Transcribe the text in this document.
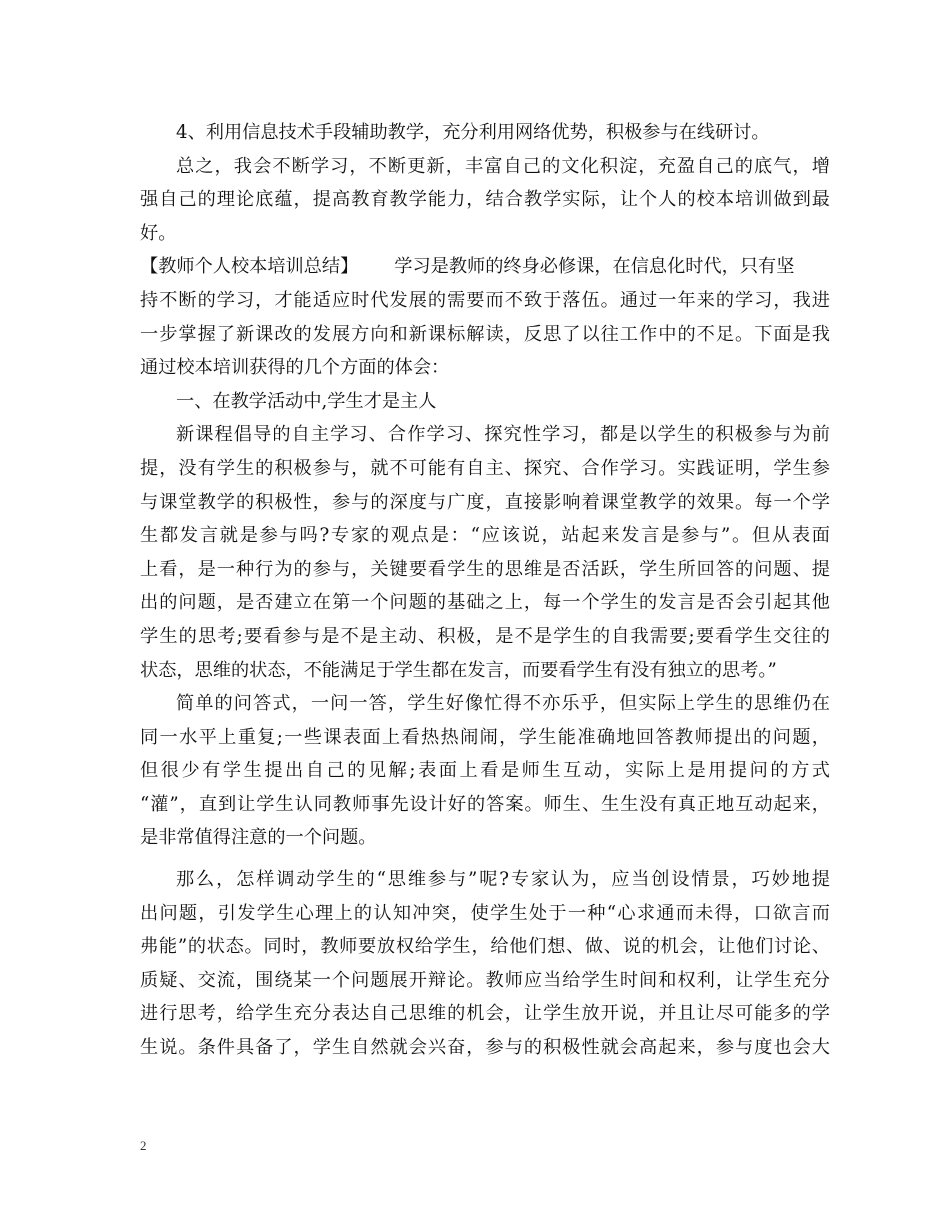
4、利用信息技术手段辅助教学，充分利用网络优势，积极参与在线研讨。
总之，我会不断学习，不断更新，丰富自己的文化积淀，充盈自己的底气，增
强自己的理论底蕴，提高教育教学能力，结合教学实际，让个人的校本培训做到最
好。
【教师个人校本培训总结】 学习是教师的终身必修课，在信息化时代，只有坚
持不断的学习，才能适应时代发展的需要而不致于落伍。通过一年来的学习，我进
一步掌握了新课改的发展方向和新课标解读，反思了以往工作中的不足。下面是我
通过校本培训获得的几个方面的体会：
一、在教学活动中,学生才是主人
新课程倡导的自主学习、合作学习、探究性学习，都是以学生的积极参与为前
提，没有学生的积极参与，就不可能有自主、探究、合作学习。实践证明，学生参
与课堂教学的积极性，参与的深度与广度，直接影响着课堂教学的效果。每一个学
生都发言就是参与吗?专家的观点是：“应该说，站起来发言是参与”。但从表面
上看，是一种行为的参与，关键要看学生的思维是否活跃，学生所回答的问题、提
出的问题，是否建立在第一个问题的基础之上，每一个学生的发言是否会引起其他
学生的思考;要看参与是不是主动、积极，是不是学生的自我需要;要看学生交往的
状态，思维的状态，不能满足于学生都在发言，而要看学生有没有独立的思考。”
简单的问答式，一问一答，学生好像忙得不亦乐乎，但实际上学生的思维仍在
同一水平上重复;一些课表面上看热热闹闹，学生能准确地回答教师提出的问题，
但很少有学生提出自己的见解;表面上看是师生互动，实际上是用提问的方式
“灌”，直到让学生认同教师事先设计好的答案。师生、生生没有真正地互动起来，
是非常值得注意的一个问题。
那么，怎样调动学生的“思维参与”呢?专家认为，应当创设情景，巧妙地提
出问题，引发学生心理上的认知冲突，使学生处于一种“心求通而未得，口欲言而
弗能”的状态。同时，教师要放权给学生，给他们想、做、说的机会，让他们讨论、
质疑、交流，围绕某一个问题展开辩论。教师应当给学生时间和权利，让学生充分
进行思考，给学生充分表达自己思维的机会，让学生放开说，并且让尽可能多的学
生说。条件具备了，学生自然就会兴奋，参与的积极性就会高起来，参与度也会大
2
